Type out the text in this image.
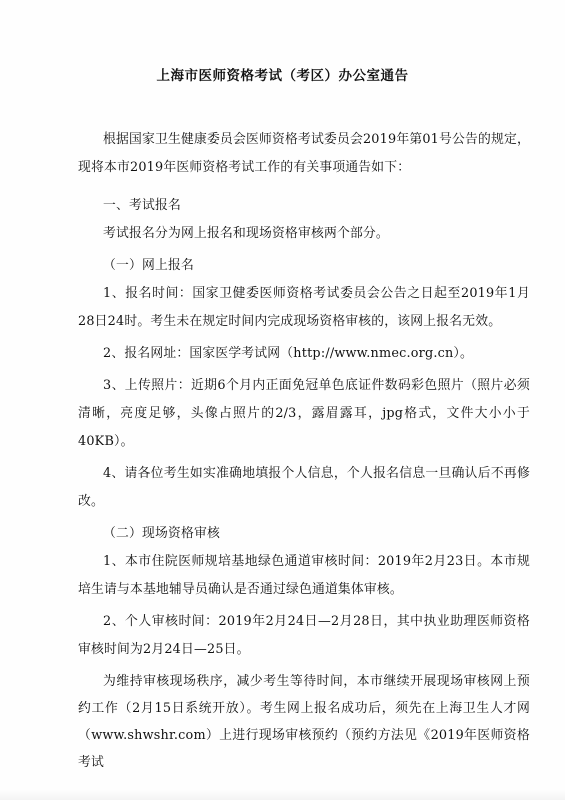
上海市医师资格考试（考区）办公室通告

根据国家卫生健康委员会医师资格考试委员会2019年第01号公告的规定，现将本市2019年医师资格考试工作的有关事项通告如下：

一、考试报名

考试报名分为网上报名和现场资格审核两个部分。

（一）网上报名

1、报名时间：国家卫健委医师资格考试委员会公告之日起至2019年1月28日24时。考生未在规定时间内完成现场资格审核的，该网上报名无效。

2、报名网址：国家医学考试网（http://www.nmec.org.cn）。

3、上传照片：近期6个月内正面免冠单色底证件数码彩色照片（照片必须清晰，亮度足够，头像占照片的2/3，露眉露耳，jpg格式，文件大小小于40KB）。

4、请各位考生如实准确地填报个人信息，个人报名信息一旦确认后不再修改。

（二）现场资格审核

1、本市住院医师规培基地绿色通道审核时间：2019年2月23日。本市规培生请与本基地辅导员确认是否通过绿色通道集体审核。

2、个人审核时间：2019年2月24日—2月28日，其中执业助理医师资格审核时间为2月24日—25日。

为维持审核现场秩序，减少考生等待时间，本市继续开展现场审核网上预约工作（2月15日系统开放）。考生网上报名成功后，须先在上海卫生人才网（www.shwshr.com）上进行现场审核预约（预约方法见《2019年医师资格考试
